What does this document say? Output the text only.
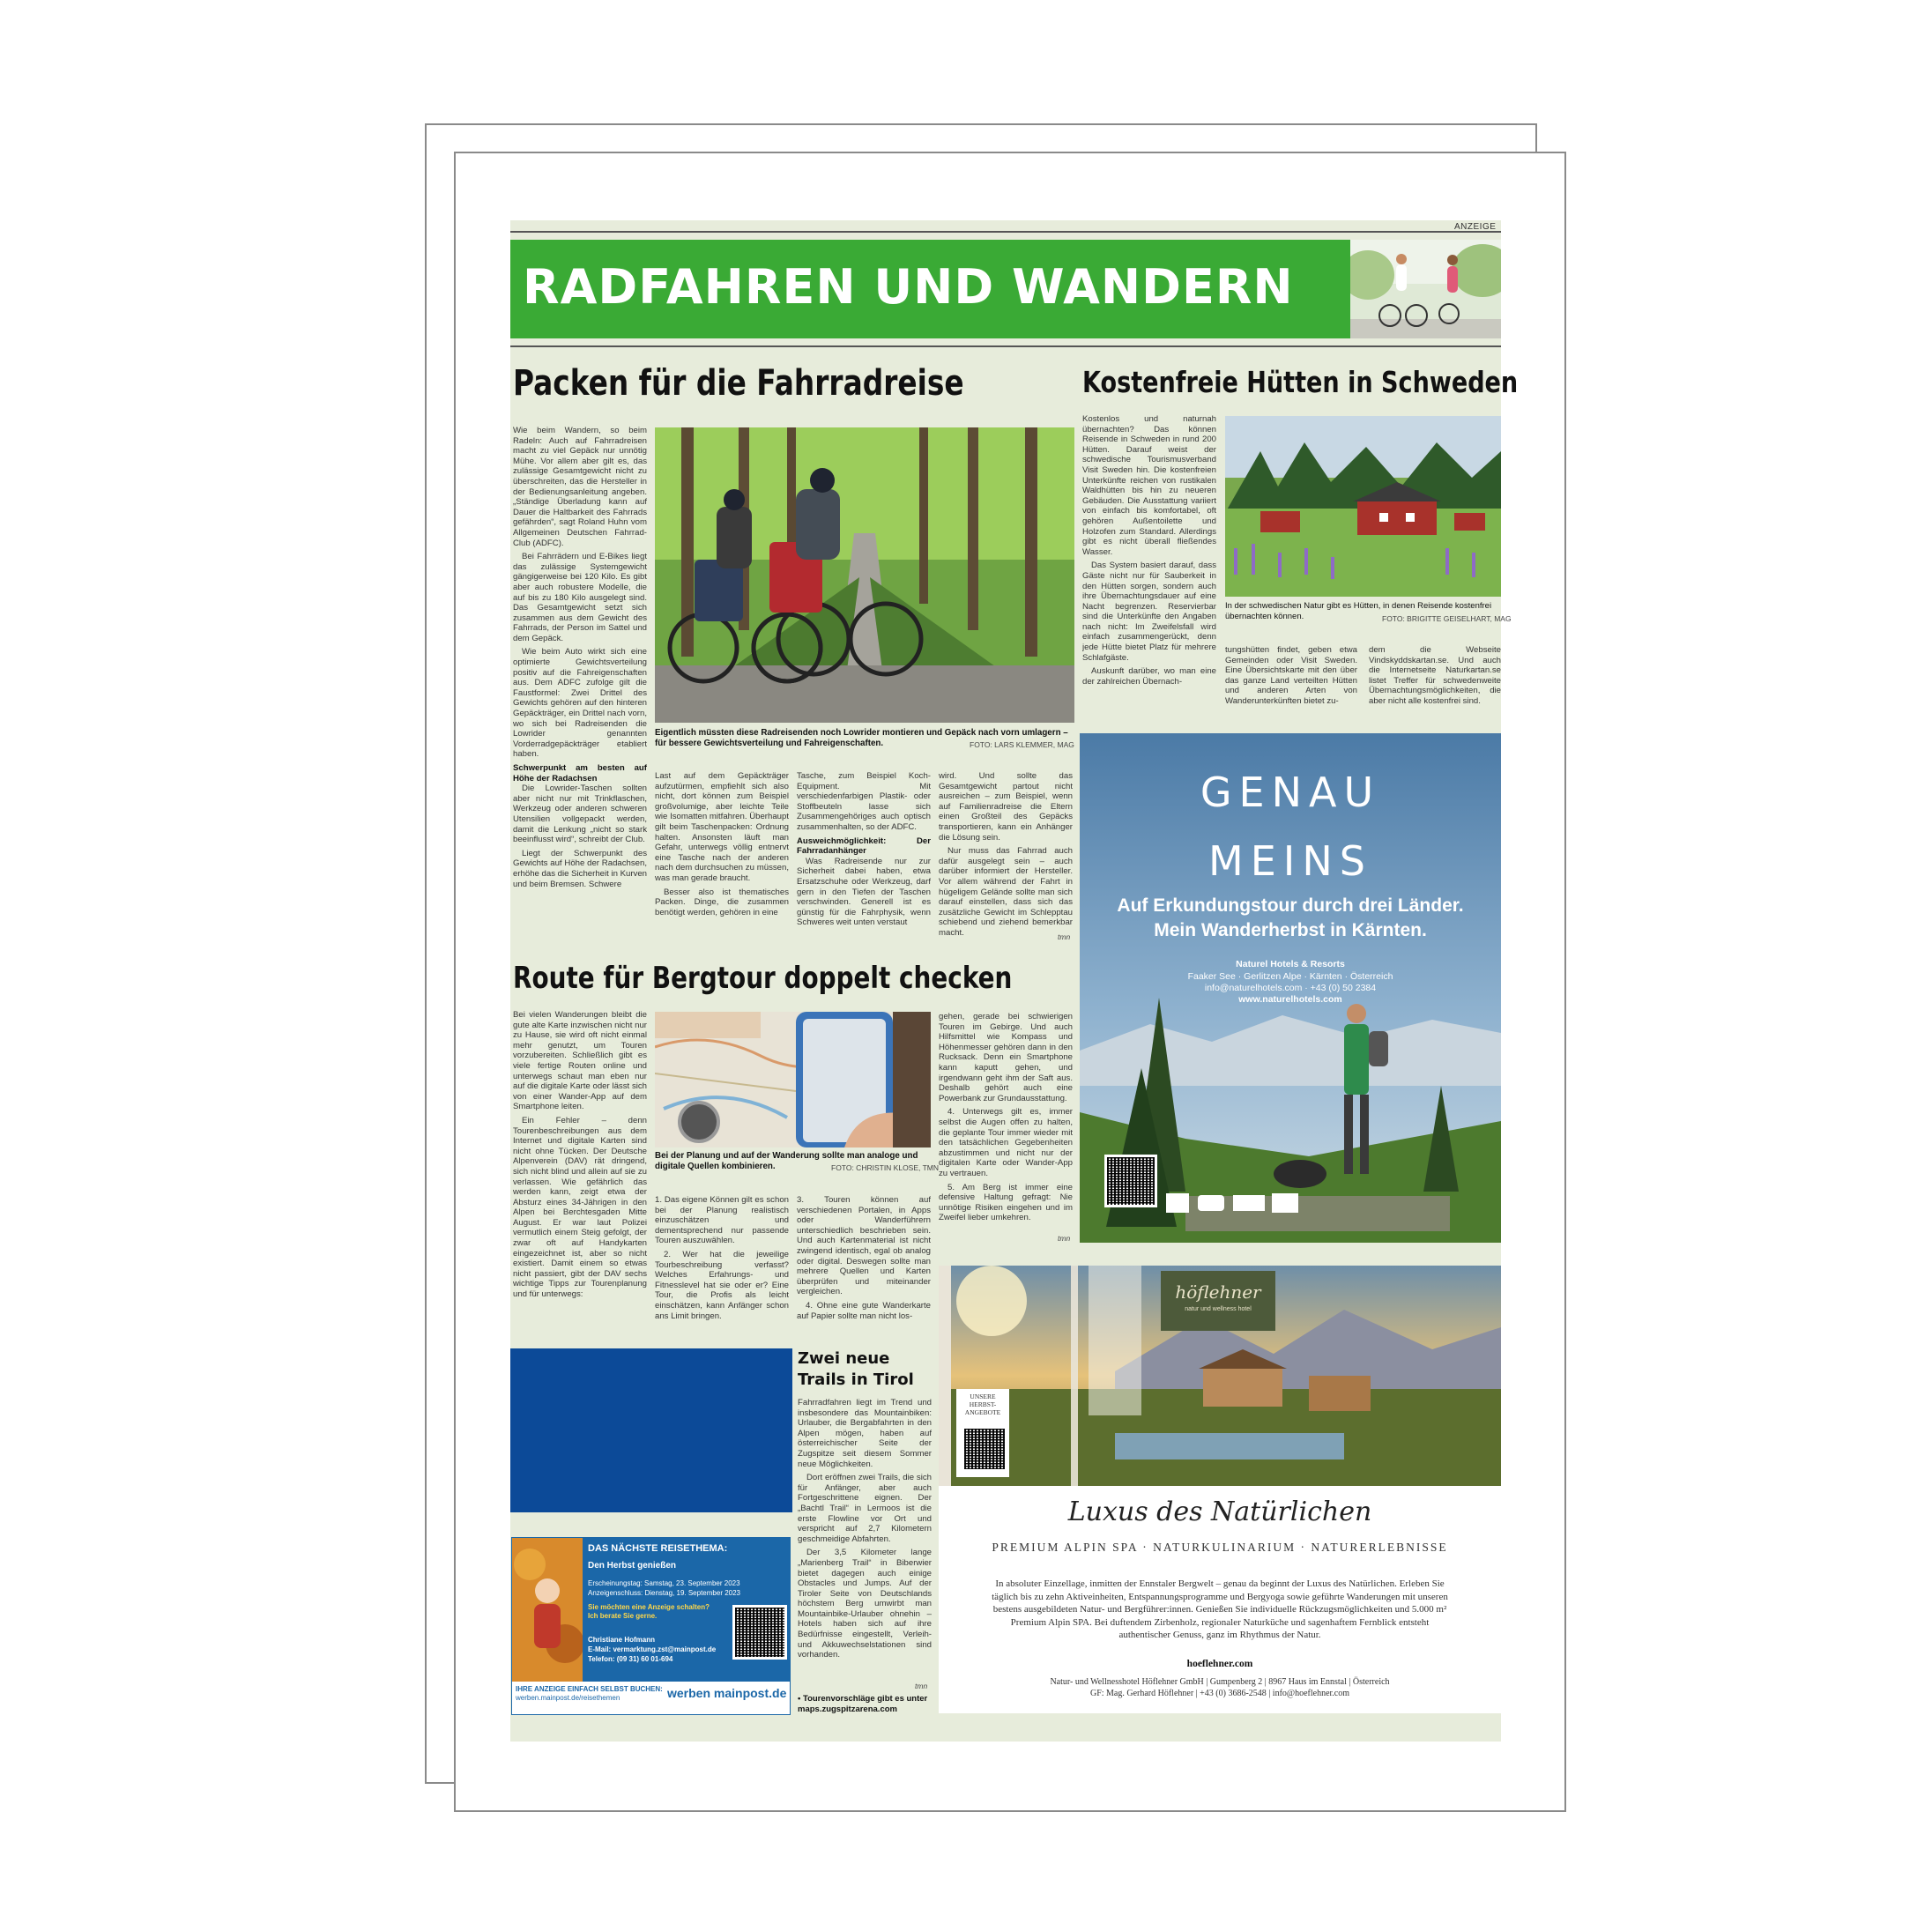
ANZEIGE
RADFAHREN UND WANDERN
Packen für die Fahrradreise

Wie beim Wandern, so beim Radeln: Auch auf Fahrradreisen macht zu viel Gepäck nur unnötig Mühe. Vor allem aber gilt es, das zulässige Gesamtgewicht nicht zu überschreiten, das die Hersteller in der Bedienungsanleitung angeben. „Ständige Überladung kann auf Dauer die Haltbarkeit des Fahrrads gefährden“, sagt Roland Huhn vom Allgemeinen Deutschen Fahrrad-Club (ADFC).

Bei Fahrrädern und E-Bikes liegt das zulässige Systemgewicht gängigerweise bei 120 Kilo. Es gibt aber auch robustere Modelle, die auf bis zu 180 Kilo ausgelegt sind. Das Gesamtgewicht setzt sich zusammen aus dem Gewicht des Fahrrads, der Person im Sattel und dem Gepäck.

Wie beim Auto wirkt sich eine optimierte Gewichtsverteilung positiv auf die Fahreigenschaften aus. Dem ADFC zufolge gilt die Faustformel: Zwei Drittel des Gewichts gehören auf den hinteren Gepäckträger, ein Drittel nach vorn, wo sich bei Radreisenden die Lowrider genannten Vorderradgepäckträger etabliert haben.

Schwerpunkt am besten auf Höhe der Radachsen

Die Lowrider-Taschen sollten aber nicht nur mit Trinkflaschen, Werkzeug oder anderen schweren Utensilien vollgepackt werden, damit die Lenkung „nicht so stark beeinflusst wird“, schreibt der Club.

Liegt der Schwerpunkt des Gewichts auf Höhe der Radachsen, erhöhe das die Sicherheit in Kurven und beim Bremsen. Schwere

Eigentlich müssten diese Radreisenden noch Lowrider montieren und Gepäck nach vorn umlagern – für bessere Gewichtsverteilung und Fahreigenschaften.	FOTO: LARS KLEMMER, MAG

Last auf dem Gepäckträger aufzutürmen, empfiehlt sich also nicht, dort können zum Beispiel großvolumige, aber leichte Teile wie Isomatten mitfahren. Überhaupt gilt beim Taschenpacken: Ordnung halten. Ansonsten läuft man Gefahr, unterwegs völlig entnervt eine Tasche nach der anderen nach dem durchsuchen zu müssen, was man gerade braucht.

Besser also ist thematisches Packen. Dinge, die zusammen benötigt werden, gehören in eine

Tasche, zum Beispiel Koch-Equipment. Mit verschiedenfarbigen Plastik- oder Stoffbeuteln lasse sich Zusammengehöriges auch optisch zusammenhalten, so der ADFC.

Ausweichmöglichkeit: Der Fahrradanhänger

Was Radreisende nur zur Sicherheit dabei haben, etwa Ersatzschuhe oder Werkzeug, darf gern in den Tiefen der Taschen verschwinden. Generell ist es günstig für die Fahrphysik, wenn Schweres weit unten verstaut

wird. Und sollte das Gesamtgewicht partout nicht ausreichen – zum Beispiel, wenn auf Familienradreise die Eltern einen Großteil des Gepäcks transportieren, kann ein Anhänger die Lösung sein.

Nur muss das Fahrrad auch dafür ausgelegt sein – auch darüber informiert der Hersteller. Vor allem während der Fahrt in hügeligem Gelände sollte man sich darauf einstellen, dass sich das zusätzliche Gewicht im Schlepptau schiebend und ziehend bemerkbar macht.	tmn
Kostenfreie Hütten in Schweden

Kostenlos und naturnah übernachten? Das können Reisende in Schweden in rund 200 Hütten. Darauf weist der schwedische Tourismusverband Visit Sweden hin. Die kostenfreien Unterkünfte reichen von rustikalen Waldhütten bis hin zu neueren Gebäuden. Die Ausstattung variiert von einfach bis komfortabel, oft gehören Außentoilette und Holzofen zum Standard. Allerdings gibt es nicht überall fließendes Wasser.

Das System basiert darauf, dass Gäste nicht nur für Sauberkeit in den Hütten sorgen, sondern auch ihre Übernachtungsdauer auf eine Nacht begrenzen. Reservierbar sind die Unterkünfte den Angaben nach nicht: Im Zweifelsfall wird einfach zusammengerückt, denn jede Hütte bietet Platz für mehrere Schlafgäste.

Auskunft darüber, wo man eine der zahlreichen Übernach-

In der schwedischen Natur gibt es Hütten, in denen Reisende kostenfrei übernachten können.	FOTO: BRIGITTE GEISELHART, MAG

tungshütten findet, geben etwa Gemeinden oder Visit Sweden. Eine Übersichtskarte mit den über das ganze Land verteilten Hütten und anderen Arten von Wanderunterkünften bietet zu-

dem die Webseite Vindskyddskartan.se. Und auch die Internetseite Naturkartan.se listet Treffer für schwedenweite Übernachtungsmöglichkeiten, die aber nicht alle kostenfrei sind.

GENAU
MEINS
Auf Erkundungstour durch drei Länder.
Mein Wanderherbst in Kärnten.
Naturel Hotels & Resorts
Faaker See · Gerlitzen Alpe · Kärnten · Österreich
info@naturelhotels.com · +43 (0) 50 2384
www.naturelhotels.com
Route für Bergtour doppelt checken

Bei vielen Wanderungen bleibt die gute alte Karte inzwischen nicht nur zu Hause, sie wird oft nicht einmal mehr genutzt, um Touren vorzubereiten. Schließlich gibt es viele fertige Routen online und unterwegs schaut man eben nur auf die digitale Karte oder lässt sich von einer Wander-App auf dem Smartphone leiten.

Ein Fehler – denn Tourenbeschreibungen aus dem Internet und digitale Karten sind nicht ohne Tücken. Der Deutsche Alpenverein (DAV) rät dringend, sich nicht blind und allein auf sie zu verlassen. Wie gefährlich das werden kann, zeigt etwa der Absturz eines 34-Jährigen in den Alpen bei Berchtesgaden Mitte August. Er war laut Polizei vermutlich einem Steig gefolgt, der zwar oft auf Handykarten eingezeichnet ist, aber so nicht existiert. Damit einem so etwas nicht passiert, gibt der DAV sechs wichtige Tipps zur Tourenplanung und für unterwegs:

Bei der Planung und auf der Wanderung sollte man analoge und digitale Quellen kombinieren.	FOTO: CHRISTIN KLOSE, TMN

1. Das eigene Können gilt es schon bei der Planung realistisch einzuschätzen und dementsprechend nur passende Touren auszuwählen.

2. Wer hat die jeweilige Tourbeschreibung verfasst? Welches Erfahrungs- und Fitnesslevel hat sie oder er? Eine Tour, die Profis als leicht einschätzen, kann Anfänger schon ans Limit bringen.

3. Touren können auf verschiedenen Portalen, in Apps oder Wanderführern unterschiedlich beschrieben sein. Und auch Kartenmaterial ist nicht zwingend identisch, egal ob analog oder digital. Deswegen sollte man mehrere Quellen und Karten überprüfen und miteinander vergleichen.

4. Ohne eine gute Wanderkarte auf Papier sollte man nicht los-

gehen, gerade bei schwierigen Touren im Gebirge. Und auch Hilfsmittel wie Kompass und Höhenmesser gehören dann in den Rucksack. Denn ein Smartphone kann kaputt gehen, und irgendwann geht ihm der Saft aus. Deshalb gehört auch eine Powerbank zur Grundausstattung.

4. Unterwegs gilt es, immer selbst die Augen offen zu halten, die geplante Tour immer wieder mit den tatsächlichen Gegebenheiten abzustimmen und nicht nur der digitalen Karte oder Wander-App zu vertrauen.

5. Am Berg ist immer eine defensive Haltung gefragt: Nie unnötige Risiken eingehen und im Zweifel lieber umkehren.

tmn
Zwei neue Trails in Tirol

Fahrradfahren liegt im Trend und insbesondere das Mountainbiken: Urlauber, die Bergabfahrten in den Alpen mögen, haben auf österreichischer Seite der Zugspitze seit diesem Sommer neue Möglichkeiten.

Dort eröffnen zwei Trails, die sich für Anfänger, aber auch Fortgeschrittene eignen. Der „Bachtl Trail“ in Lermoos ist die erste Flowline vor Ort und verspricht auf 2,7 Kilometern geschmeidige Abfahrten.

Der 3,5 Kilometer lange „Marienberg Trail“ in Biberwier bietet dagegen auch einige Obstacles und Jumps. Auf der Tiroler Seite von Deutschlands höchstem Berg umwirbt man Mountainbike-Urlauber ohnehin – Hotels haben sich auf ihre Bedürfnisse eingestellt, Verleih- und Akkuwechselstationen sind vorhanden.

tmn
• Tourenvorschläge gibt es unter maps.zugspitzarena.com
DAS NÄCHSTE REISETHEMA:
Den Herbst genießen
Erscheinungstag: Samstag, 23. September 2023
Anzeigenschluss: Dienstag, 19. September 2023
Sie möchten eine Anzeige schalten? Ich berate Sie gerne.
Christiane Hofmann
E-Mail: vermarktung.zst@mainpost.de
Telefon: (09 31) 60 01-694
IHRE ANZEIGE EINFACH SELBST BUCHEN:
werben.mainpost.de/reisethemen	werben mainpost.de
höflehner
natur und wellness hotel
UNSERE HERBST-ANGEBOTE
Luxus des Natürlichen
PREMIUM ALPIN SPA · NATURKULINARIUM · NATURERLEBNISSE
In absoluter Einzellage, inmitten der Ennstaler Bergwelt – genau da beginnt der Luxus des Natürlichen. Erleben Sie täglich bis zu zehn Aktiveinheiten, Entspannungsprogramme und Bergyoga sowie geführte Wanderungen mit unseren bestens ausgebildeten Natur- und Bergführer:innen. Genießen Sie individuelle Rückzugsmöglichkeiten und 5.000 m² Premium Alpin SPA. Bei duftendem Zirbenholz, regionaler Naturküche und sagenhaftem Fernblick entsteht authentischer Genuss, ganz im Rhythmus der Natur.
hoeflehner.com
Natur- und Wellnesshotel Höflehner GmbH | Gumpenberg 2 | 8967 Haus im Ennstal | Österreich
GF: Mag. Gerhard Höflehner | +43 (0) 3686-2548 | info@hoeflehner.com
